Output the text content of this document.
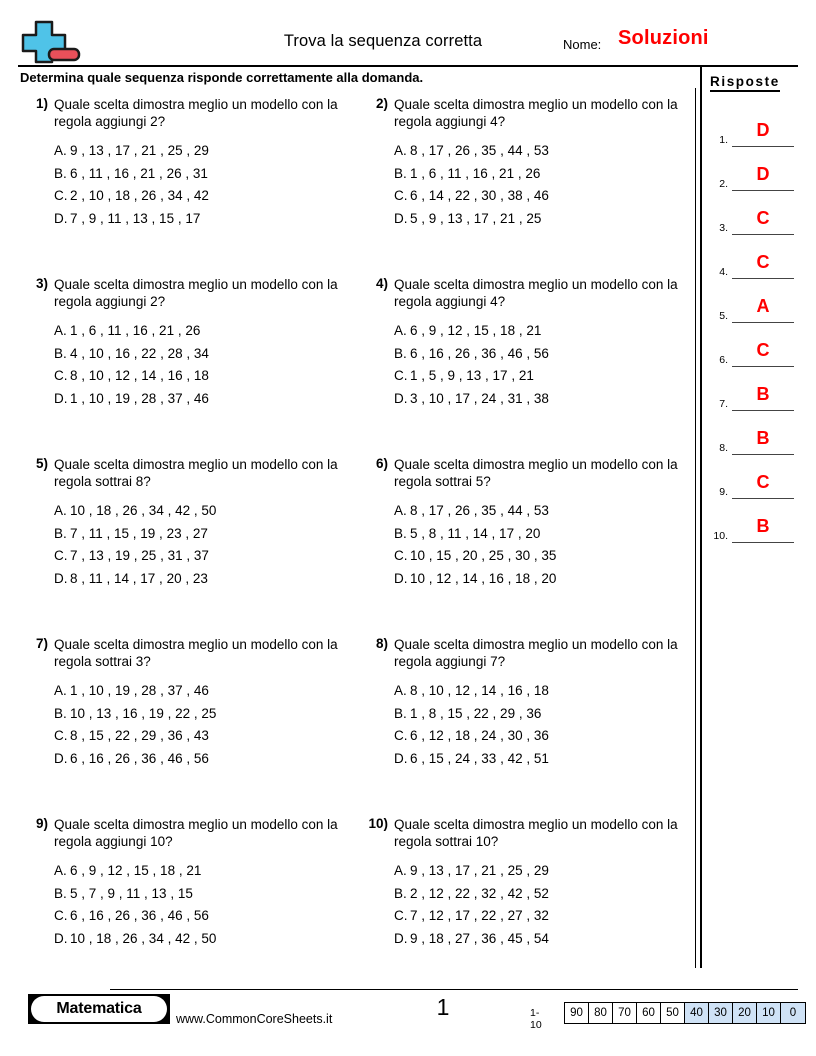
Trova la sequenza corretta	Nome: Soluzioni
Determina quale sequenza risponde correttamente alla domanda.
1) Quale scelta dimostra meglio un modello con la regola aggiungi 2?
A. 9 , 13 , 17 , 21 , 25 , 29
B. 6 , 11 , 16 , 21 , 26 , 31
C. 2 , 10 , 18 , 26 , 34 , 42
D. 7 , 9 , 11 , 13 , 15 , 17
3) Quale scelta dimostra meglio un modello con la regola aggiungi 2?
A. 1 , 6 , 11 , 16 , 21 , 26
B. 4 , 10 , 16 , 22 , 28 , 34
C. 8 , 10 , 12 , 14 , 16 , 18
D. 1 , 10 , 19 , 28 , 37 , 46
5) Quale scelta dimostra meglio un modello con la regola sottrai 8?
A. 10 , 18 , 26 , 34 , 42 , 50
B. 7 , 11 , 15 , 19 , 23 , 27
C. 7 , 13 , 19 , 25 , 31 , 37
D. 8 , 11 , 14 , 17 , 20 , 23
7) Quale scelta dimostra meglio un modello con la regola sottrai 3?
A. 1 , 10 , 19 , 28 , 37 , 46
B. 10 , 13 , 16 , 19 , 22 , 25
C. 8 , 15 , 22 , 29 , 36 , 43
D. 6 , 16 , 26 , 36 , 46 , 56
9) Quale scelta dimostra meglio un modello con la regola aggiungi 10?
A. 6 , 9 , 12 , 15 , 18 , 21
B. 5 , 7 , 9 , 11 , 13 , 15
C. 6 , 16 , 26 , 36 , 46 , 56
D. 10 , 18 , 26 , 34 , 42 , 50
2) Quale scelta dimostra meglio un modello con la regola aggiungi 4?
A. 8 , 17 , 26 , 35 , 44 , 53
B. 1 , 6 , 11 , 16 , 21 , 26
C. 6 , 14 , 22 , 30 , 38 , 46
D. 5 , 9 , 13 , 17 , 21 , 25
4) Quale scelta dimostra meglio un modello con la regola aggiungi 4?
A. 6 , 9 , 12 , 15 , 18 , 21
B. 6 , 16 , 26 , 36 , 46 , 56
C. 1 , 5 , 9 , 13 , 17 , 21
D. 3 , 10 , 17 , 24 , 31 , 38
6) Quale scelta dimostra meglio un modello con la regola sottrai 5?
A. 8 , 17 , 26 , 35 , 44 , 53
B. 5 , 8 , 11 , 14 , 17 , 20
C. 10 , 15 , 20 , 25 , 30 , 35
D. 10 , 12 , 14 , 16 , 18 , 20
8) Quale scelta dimostra meglio un modello con la regola aggiungi 7?
A. 8 , 10 , 12 , 14 , 16 , 18
B. 1 , 8 , 15 , 22 , 29 , 36
C. 6 , 12 , 18 , 24 , 30 , 36
D. 6 , 15 , 24 , 33 , 42 , 51
10) Quale scelta dimostra meglio un modello con la regola sottrai 10?
A. 9 , 13 , 17 , 21 , 25 , 29
B. 2 , 12 , 22 , 32 , 42 , 52
C. 7 , 12 , 17 , 22 , 27 , 32
D. 9 , 18 , 27 , 36 , 45 , 54
Risposte
1.	D
2.	D
3.	C
4.	C
5.	A
6.	C
7.	B
8.	B
9.	C
10.	B
Matematica
www.CommonCoreSheets.it	1	1-10
90 80 70 60 50 40 30 20 10	0
